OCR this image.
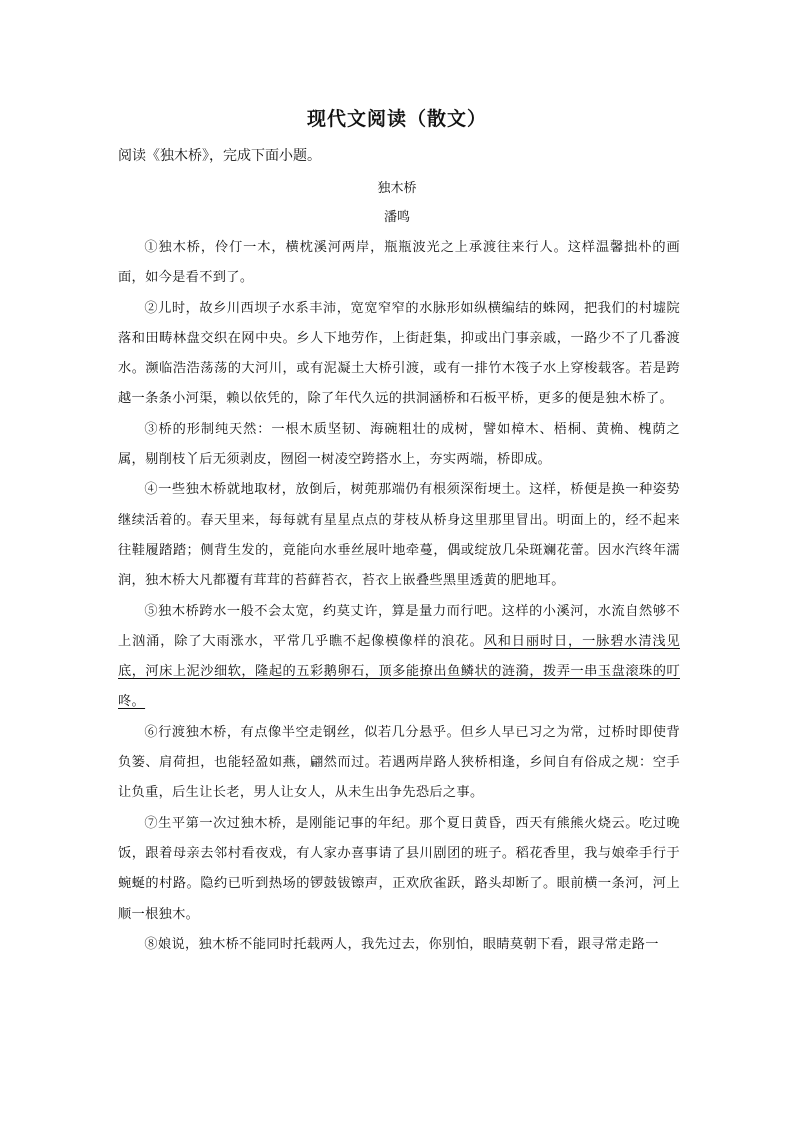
现代文阅读（散文）
阅读《独木桥》，完成下面小题。
独木桥
潘鸣

①独木桥，伶仃一木，横枕溪河两岸，瓶瓶波光之上承渡往来行人。这样温馨拙朴的画面，如今是看不到了。

②儿时，故乡川西坝子水系丰沛，宽宽窄窄的水脉形如纵横编结的蛛网，把我们的村墟院落和田畴林盘交织在网中央。乡人下地劳作，上街赶集，抑或出门事亲戚，一路少不了几番渡水。濒临浩浩荡荡的大河川，或有泥凝土大桥引渡，或有一排竹木筏子水上穿梭载客。若是跨越一条条小河渠，赖以依凭的，除了年代久远的拱洞涵桥和石板平桥，更多的便是独木桥了。

③桥的形制纯天然：一根木质坚韧、海碗粗壮的成树，譬如樟木、梧桐、黄桷、槐荫之属，剔削枝丫后无须剥皮，囫囵一树凌空跨搭水上，夯实两端，桥即成。

④一些独木桥就地取材，放倒后，树蔸那端仍有根须深衔埂土。这样，桥便是换一种姿势继续活着的。春天里来，每每就有星星点点的芽枝从桥身这里那里冒出。明面上的，经不起来往鞋履踏踏；侧背生发的，竟能向水垂丝展叶地牵蔓，偶或绽放几朵斑斓花蕾。因水汽终年濡润，独木桥大凡都覆有茸茸的苔藓苔衣，苔衣上嵌叠些黑里透黄的肥地耳。

⑤独木桥跨水一般不会太宽，约莫丈许，算是量力而行吧。这样的小溪河，水流自然够不上汹涌，除了大雨涨水，平常几乎瞧不起像模像样的浪花。风和日丽时日，一脉碧水清浅见底，河床上泥沙细软，隆起的五彩鹅卵石，顶多能撩出鱼鳞状的涟漪，拨弄一串玉盘滚珠的叮咚。

⑥行渡独木桥，有点像半空走钢丝，似若几分悬乎。但乡人早已习之为常，过桥时即使背负篓、肩荷担，也能轻盈如燕，翩然而过。若遇两岸路人狭桥相逢，乡间自有俗成之规：空手让负重，后生让长老，男人让女人，从未生出争先恐后之事。

⑦生平第一次过独木桥，是刚能记事的年纪。那个夏日黄昏，西天有熊熊火烧云。吃过晚饭，跟着母亲去邻村看夜戏，有人家办喜事请了县川剧团的班子。稻花香里，我与娘牵手行于蜿蜒的村路。隐约已听到热场的锣鼓钹镲声，正欢欣雀跃，路头却断了。眼前横一条河，河上顺一根独木。

⑧娘说，独木桥不能同时托载两人，我先过去，你别怕，眼睛莫朝下看，跟寻常走路一
